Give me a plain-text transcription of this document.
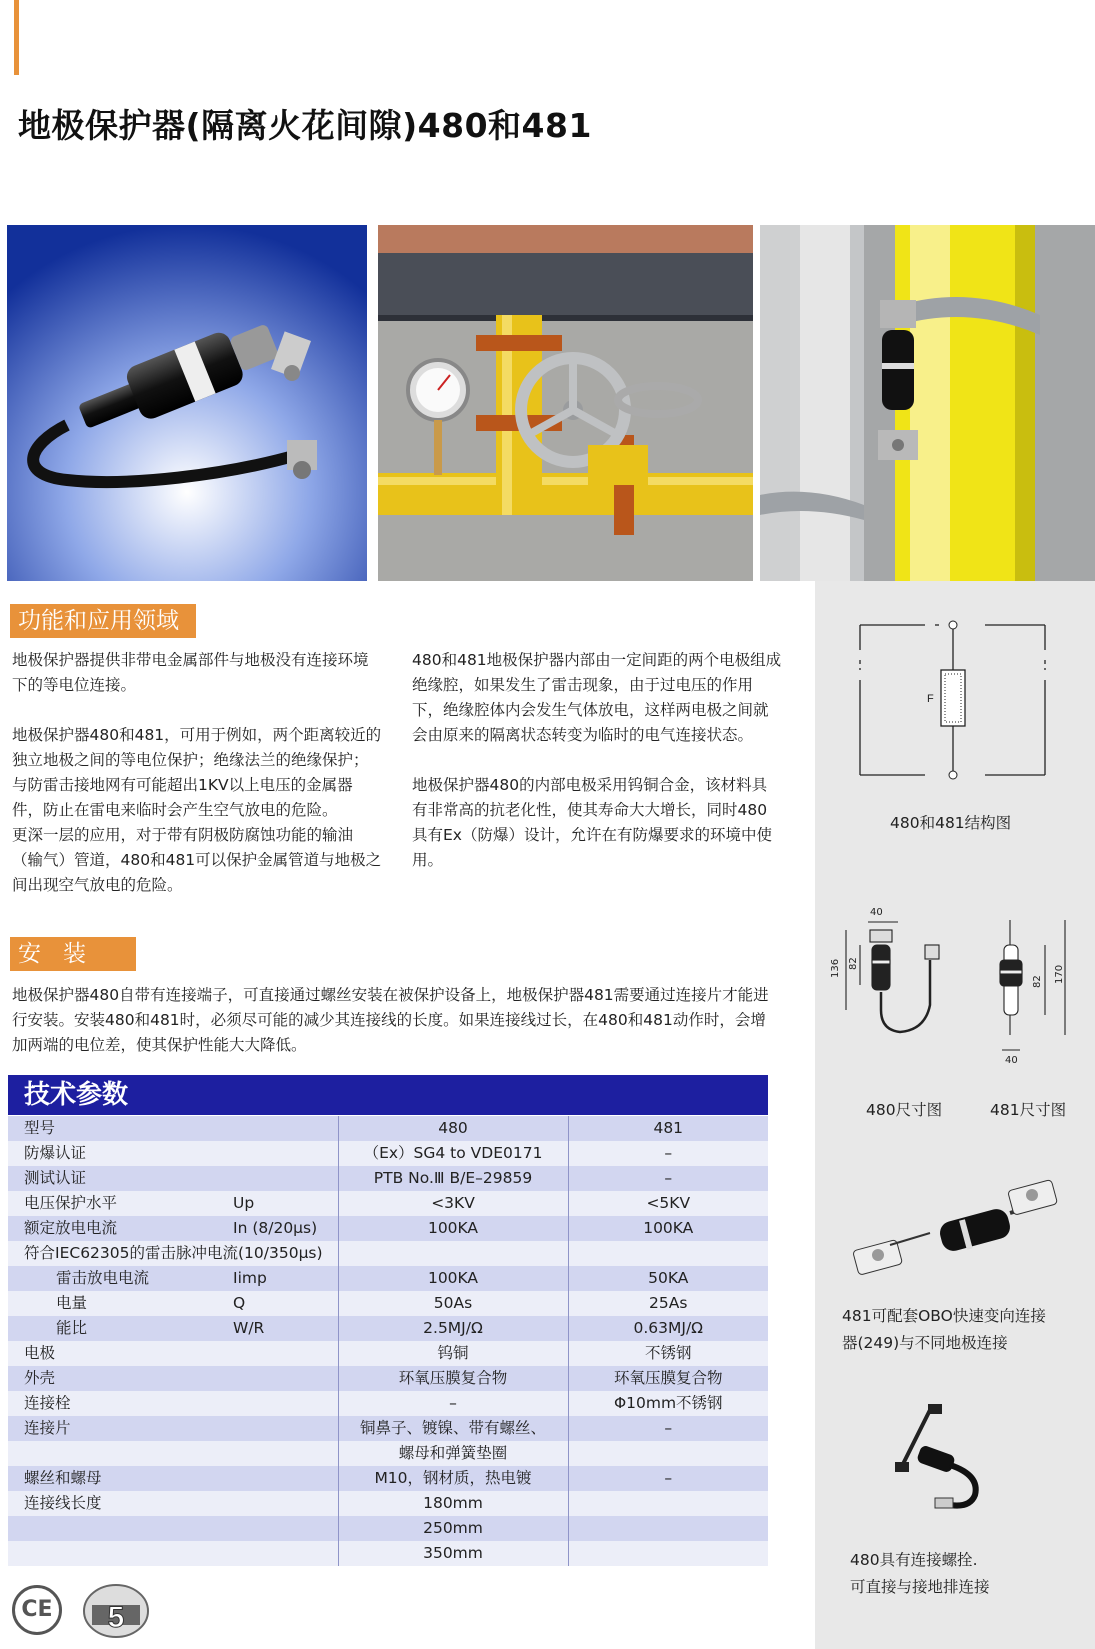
地极保护器(隔离火花间隙)480和481
功能和应用领域

地极保护器提供非带电金属部件与地极没有连接环境下的等电位连接。

地极保护器480和481，可用于例如，两个距离较近的独立地极之间的等电位保护；绝缘法兰的绝缘保护；与防雷击接地网有可能超出1KV以上电压的金属器件，防止在雷电来临时会产生空气放电的危险。

更深一层的应用，对于带有阴极防腐蚀功能的输油（输气）管道，480和481可以保护金属管道与地极之间出现空气放电的危险。

480和481地极保护器内部由一定间距的两个电极组成绝缘腔，如果发生了雷击现象，由于过电压的作用下，绝缘腔体内会发生气体放电，这样两电极之间就会由原来的隔离状态转变为临时的电气连接状态。

地极保护器480的内部电极采用钨铜合金，该材料具有非常高的抗老化性，使其寿命大大增长，同时480具有Ex（防爆）设计，允许在有防爆要求的环境中使用。

安装
地极保护器480自带有连接端子，可直接通过螺丝安装在被保护设备上，地极保护器481需要通过连接片才能进行安装。安装480和481时，必须尽可能的减少其连接线的长度。如果连接线过长，在480和481动作时，会增加两端的电位差，使其保护性能大大降低。
技术参数
型号		480	481
防爆认证		（Ex）SG4 to VDE0171	–
测试认证		PTB No.Ⅲ B/E–29859	–
电压保护水平	Up	<3KV	<5KV
额定放电电流	In (8/20μs)	100KA	100KA
符合IEC62305的雷击脉冲电流(10/350μs)			
雷击放电电流	Iimp	100KA	50KA
电量	Q	50As	25As
能比	W/R	2.5MJ/Ω	0.63MJ/Ω
电极		钨铜	不锈钢
外壳		环氧压膜复合物	环氧压膜复合物
连接栓		–	Φ10mm不锈钢
连接片		铜鼻子、镀镍、带有螺丝、	–
		螺母和弹簧垫圈	
螺丝和螺母		M10，钢材质，热电镀	–
连接线长度		180mm	
		250mm	
		350mm	
F
480和481结构图
40
136 82
82 170
40
480尺寸图	481尺寸图
481可配套OBO快速变向连接
器(249)与不同地极连接
480具有连接螺拴.
可直接与接地排连接
CE	5
